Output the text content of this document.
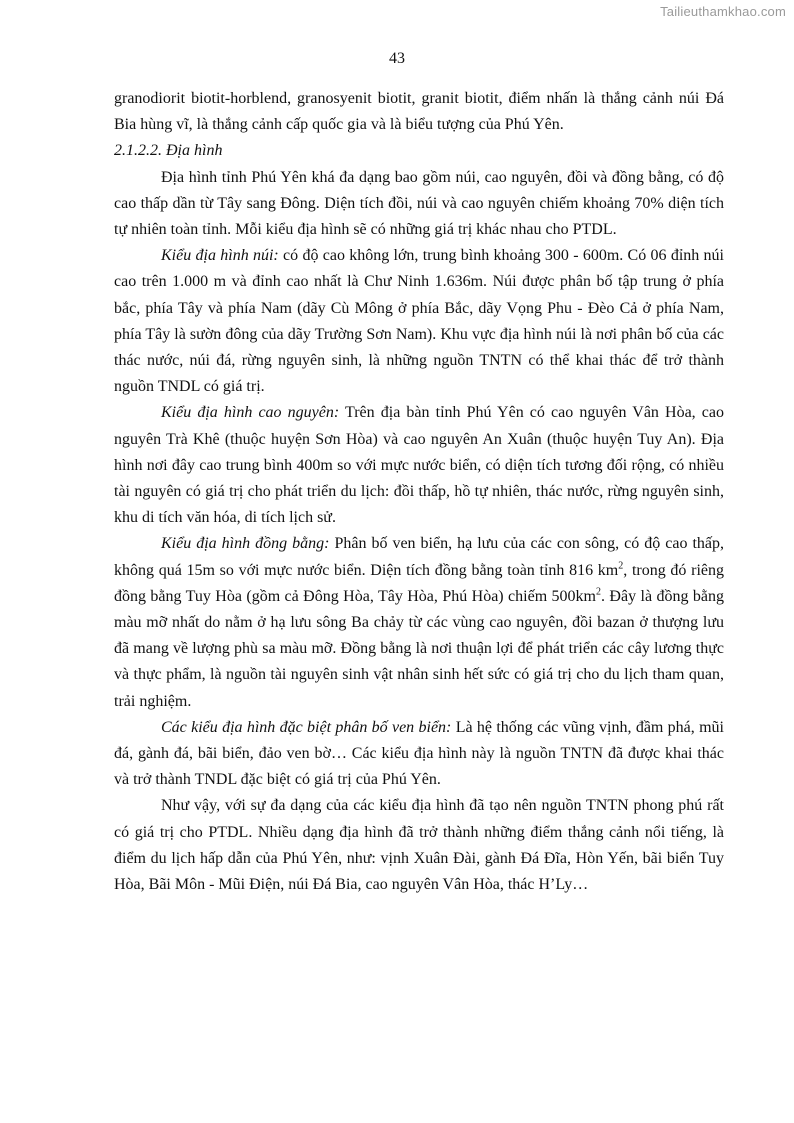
Tailieuthamkhao.com
43

granodiorit biotit-horblend, granosyenit biotit, granit biotit, điểm nhấn là thắng cảnh núi Đá Bia hùng vĩ, là thắng cảnh cấp quốc gia và là biểu tượng của Phú Yên.

2.1.2.2. Địa hình

Địa hình tỉnh Phú Yên khá đa dạng bao gồm núi, cao nguyên, đồi và đồng bằng, có độ cao thấp dần từ Tây sang Đông. Diện tích đồi, núi và cao nguyên chiếm khoảng 70% diện tích tự nhiên toàn tỉnh. Mỗi kiểu địa hình sẽ có những giá trị khác nhau cho PTDL.

Kiểu địa hình núi: có độ cao không lớn, trung bình khoảng 300 - 600m. Có 06 đỉnh núi cao trên 1.000 m và đỉnh cao nhất là Chư Ninh 1.636m. Núi được phân bố tập trung ở phía bắc, phía Tây và phía Nam (dãy Cù Mông ở phía Bắc, dãy Vọng Phu - Đèo Cả ở phía Nam, phía Tây là sườn đông của dãy Trường Sơn Nam). Khu vực địa hình núi là nơi phân bố của các thác nước, núi đá, rừng nguyên sinh, là những nguồn TNTN có thể khai thác để trở thành nguồn TNDL có giá trị.

Kiểu địa hình cao nguyên: Trên địa bàn tỉnh Phú Yên có cao nguyên Vân Hòa, cao nguyên Trà Khê (thuộc huyện Sơn Hòa) và cao nguyên An Xuân (thuộc huyện Tuy An). Địa hình nơi đây cao trung bình 400m so với mực nước biển, có diện tích tương đối rộng, có nhiều tài nguyên có giá trị cho phát triển du lịch: đồi thấp, hồ tự nhiên, thác nước, rừng nguyên sinh, khu di tích văn hóa, di tích lịch sử.

Kiểu địa hình đồng bằng: Phân bố ven biển, hạ lưu của các con sông, có độ cao thấp, không quá 15m so với mực nước biển. Diện tích đồng bằng toàn tỉnh 816 $km^2$, trong đó riêng đồng bằng Tuy Hòa (gồm cả Đông Hòa, Tây Hòa, Phú Hòa) chiếm $500km^2$. Đây là đồng bằng màu mỡ nhất do nằm ở hạ lưu sông Ba chảy từ các vùng cao nguyên, đồi bazan ở thượng lưu đã mang về lượng phù sa màu mỡ. Đồng bằng là nơi thuận lợi để phát triển các cây lương thực và thực phẩm, là nguồn tài nguyên sinh vật nhân sinh hết sức có giá trị cho du lịch tham quan, trải nghiệm.

Các kiểu địa hình đặc biệt phân bố ven biển: Là hệ thống các vũng vịnh, đầm phá, mũi đá, gành đá, bãi biển, đảo ven bờ… Các kiểu địa hình này là nguồn TNTN đã được khai thác và trở thành TNDL đặc biệt có giá trị của Phú Yên.

Như vậy, với sự đa dạng của các kiểu địa hình đã tạo nên nguồn TNTN phong phú rất có giá trị cho PTDL. Nhiều dạng địa hình đã trở thành những điểm thắng cảnh nổi tiếng, là điểm du lịch hấp dẫn của Phú Yên, như: vịnh Xuân Đài, gành Đá Đĩa, Hòn Yến, bãi biển Tuy Hòa, Bãi Môn - Mũi Điện, núi Đá Bia, cao nguyên Vân Hòa, thác H’Ly…
